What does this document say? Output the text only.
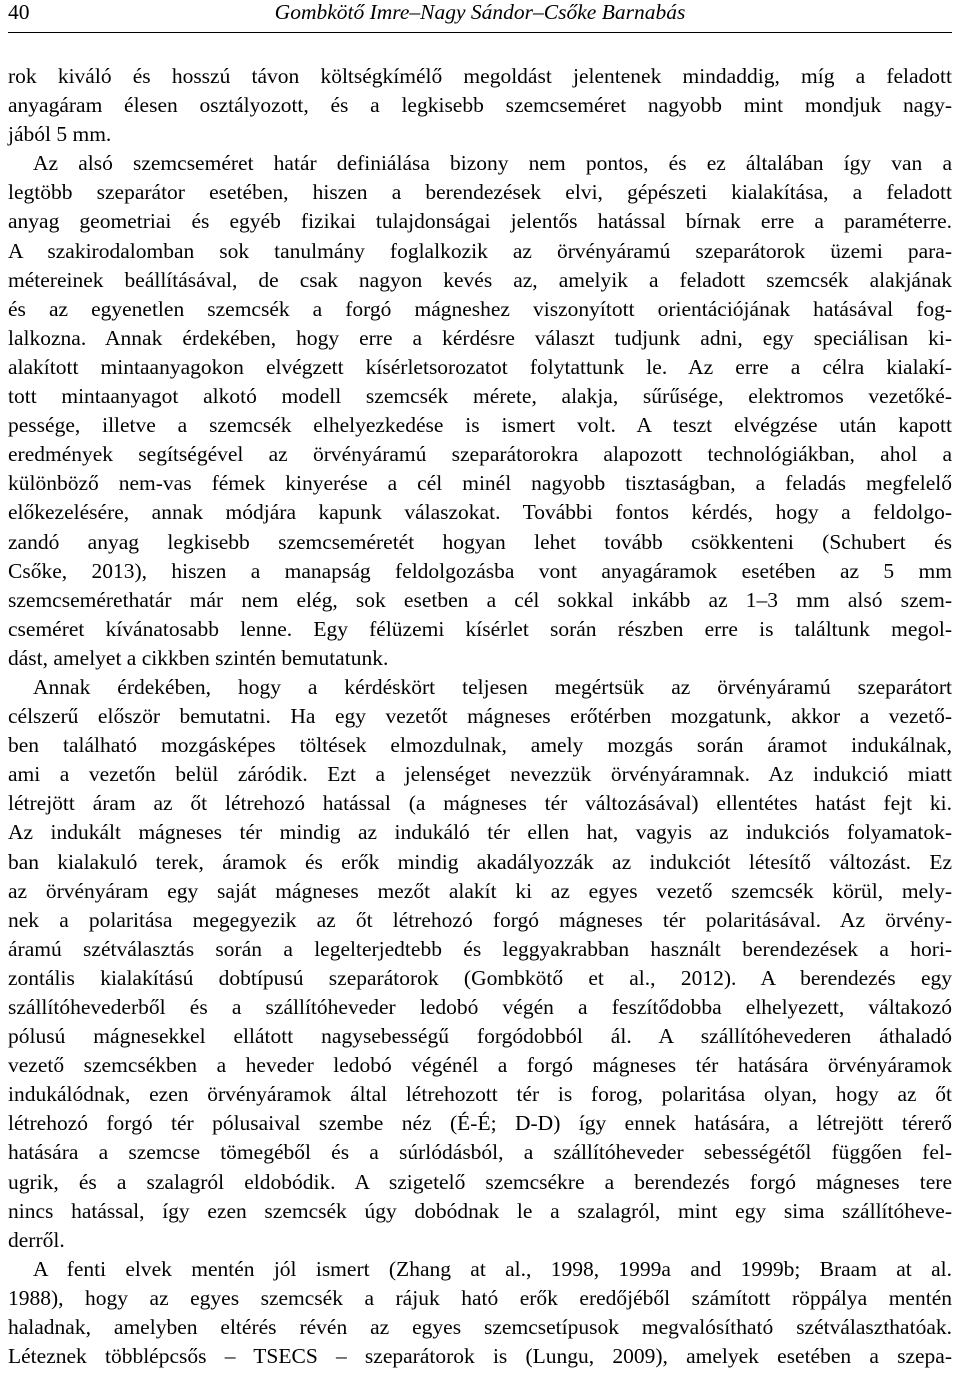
40	Gombkötő Imre–Nagy Sándor–Csőke Barnabás
rok kiváló és hosszú távon költségkímélő megoldást jelentenek mindaddig, míg a feladott
anyagáram élesen osztályozott, és a legkisebb szemcseméret nagyobb mint mondjuk nagy-
jából 5 mm.
Az alsó szemcseméret határ definiálása bizony nem pontos, és ez általában így van a
legtöbb szeparátor esetében, hiszen a berendezések elvi, gépészeti kialakítása, a feladott
anyag geometriai és egyéb fizikai tulajdonságai jelentős hatással bírnak erre a paraméterre.
A szakirodalomban sok tanulmány foglalkozik az örvényáramú szeparátorok üzemi para-
métereinek beállításával, de csak nagyon kevés az, amelyik a feladott szemcsék alakjának
és az egyenetlen szemcsék a forgó mágneshez viszonyított orientációjának hatásával fog-
lalkozna. Annak érdekében, hogy erre a kérdésre választ tudjunk adni, egy speciálisan ki-
alakított mintaanyagokon elvégzett kísérletsorozatot folytattunk le. Az erre a célra kialakí-
tott mintaanyagot alkotó modell szemcsék mérete, alakja, sűrűsége, elektromos vezetőké-
pessége, illetve a szemcsék elhelyezkedése is ismert volt. A teszt elvégzése után kapott
eredmények segítségével az örvényáramú szeparátorokra alapozott technológiákban, ahol a
különböző nem-vas fémek kinyerése a cél minél nagyobb tisztaságban, a feladás megfelelő
előkezelésére, annak módjára kapunk válaszokat. További fontos kérdés, hogy a feldolgo-
zandó anyag legkisebb szemcseméretét hogyan lehet tovább csökkenteni (Schubert és
Csőke, 2013), hiszen a manapság feldolgozásba vont anyagáramok esetében az 5 mm
szemcsemérethatár már nem elég, sok esetben a cél sokkal inkább az 1–3 mm alsó szem-
cseméret kívánatosabb lenne. Egy félüzemi kísérlet során részben erre is találtunk megol-
dást, amelyet a cikkben szintén bemutatunk.
Annak érdekében, hogy a kérdéskört teljesen megértsük az örvényáramú szeparátort
célszerű először bemutatni. Ha egy vezetőt mágneses erőtérben mozgatunk, akkor a vezető-
ben található mozgásképes töltések elmozdulnak, amely mozgás során áramot indukálnak,
ami a vezetőn belül záródik. Ezt a jelenséget nevezzük örvényáramnak. Az indukció miatt
létrejött áram az őt létrehozó hatással (a mágneses tér változásával) ellentétes hatást fejt ki.
Az indukált mágneses tér mindig az indukáló tér ellen hat, vagyis az indukciós folyamatok-
ban kialakuló terek, áramok és erők mindig akadályozzák az indukciót létesítő változást. Ez
az örvényáram egy saját mágneses mezőt alakít ki az egyes vezető szemcsék körül, mely-
nek a polaritása megegyezik az őt létrehozó forgó mágneses tér polaritásával. Az örvény-
áramú szétválasztás során a legelterjedtebb és leggyakrabban használt berendezések a hori-
zontális kialakítású dobtípusú szeparátorok (Gombkötő et al., 2012). A berendezés egy
szállítóhevederből és a szállítóheveder ledobó végén a feszítődobba elhelyezett, váltakozó
pólusú mágnesekkel ellátott nagysebességű forgódobból ál. A szállítóhevederen áthaladó
vezető szemcsékben a heveder ledobó végénél a forgó mágneses tér hatására örvényáramok
indukálódnak, ezen örvényáramok által létrehozott tér is forog, polaritása olyan, hogy az őt
létrehozó forgó tér pólusaival szembe néz (É-É; D-D) így ennek hatására, a létrejött térerő
hatására a szemcse tömegéből és a súrlódásból, a szállítóheveder sebességétől függően fel-
ugrik, és a szalagról eldobódik. A szigetelő szemcsékre a berendezés forgó mágneses tere
nincs hatással, így ezen szemcsék úgy dobódnak le a szalagról, mint egy sima szállítóheve-
derről.
A fenti elvek mentén jól ismert (Zhang at al., 1998, 1999a and 1999b; Braam at al.
1988), hogy az egyes szemcsék a rájuk ható erők eredőjéből számított röppálya mentén
haladnak, amelyben eltérés révén az egyes szemcsetípusok megvalósítható szétválaszthatóak.
Léteznek többlépcsős – TSECS – szeparátorok is (Lungu, 2009), amelyek esetében a szepa-
